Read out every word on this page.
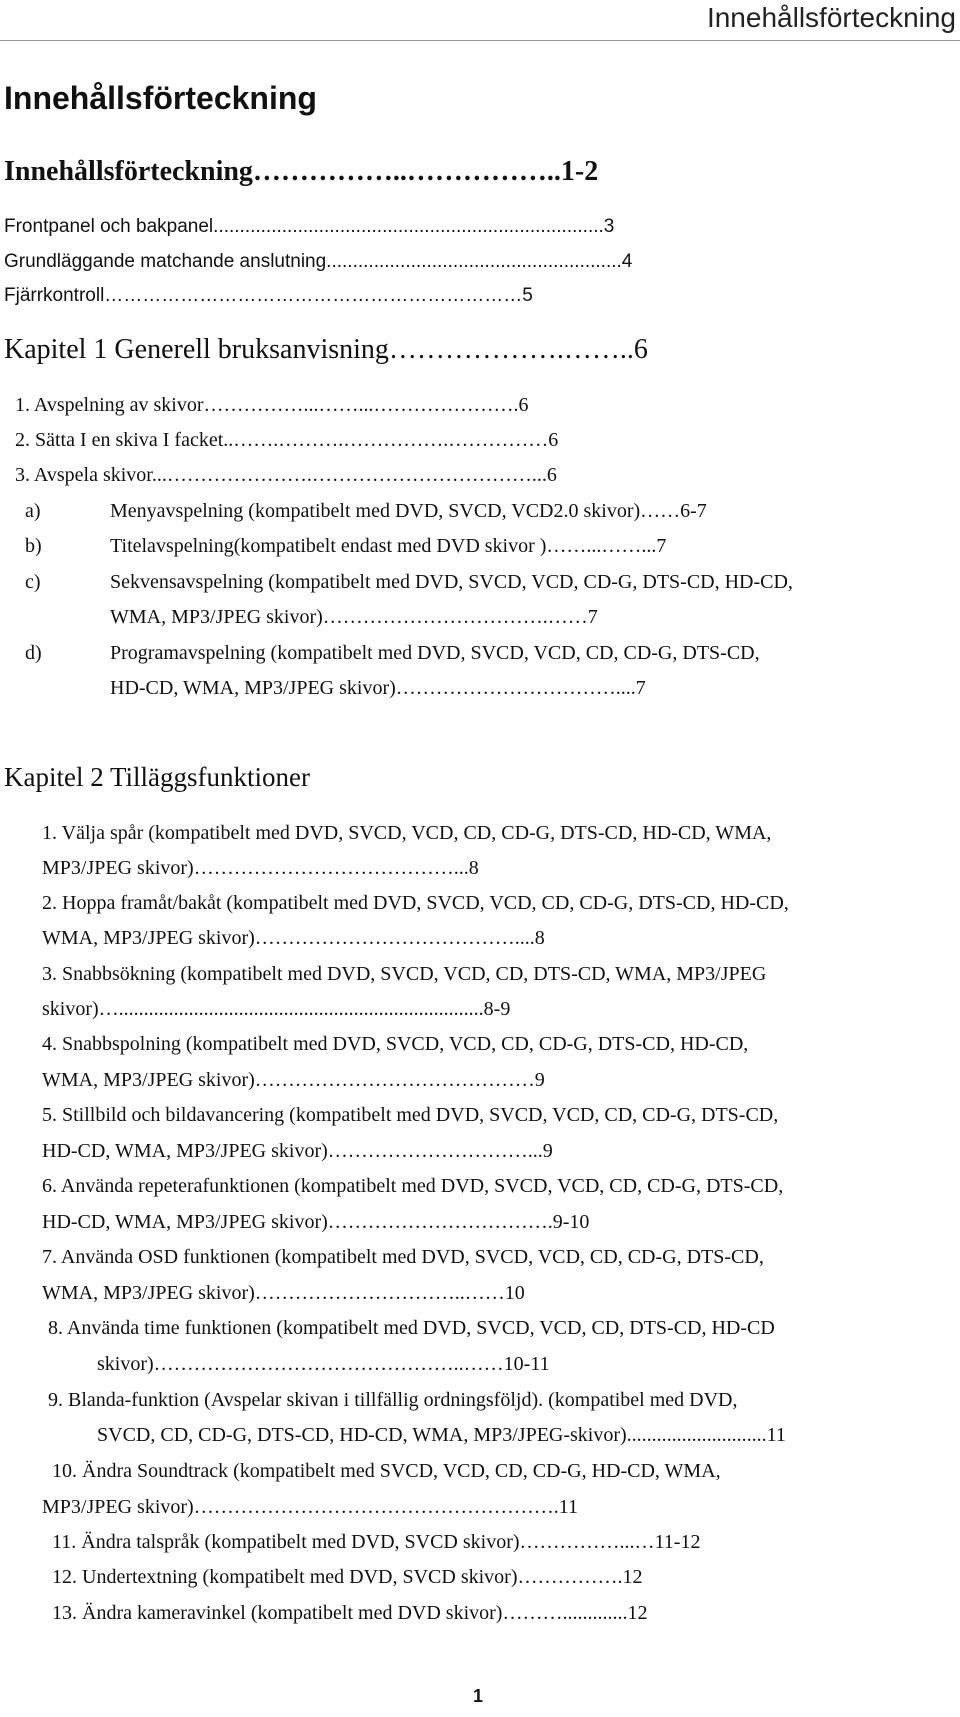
Innehållsförteckning
Innehållsförteckning
Innehållsförteckning……………..……………..1-2
Frontpanel och bakpanel..........................................................................3
Grundläggande matchande anslutning........................................................4
Fjärrkontroll…………………………………………………………5
Kapitel 1 Generell bruksanvisning……………….……..6
1. Avspelning av skivor……………...……...………………….6
2. Sätta I en skiva I facket..…….……….…………….……………6
3. Avspela skivor...………………….……………………………...6
a)	Menyavspelning (kompatibelt med DVD, SVCD, VCD2.0 skivor)……6-7
b)	Titelavspelning(kompatibelt endast med DVD skivor )……...……...7
c)	Sekvensavspelning (kompatibelt med DVD, SVCD, VCD, CD-G, DTS-CD, HD-CD,
WMA, MP3/JPEG skivor)…………………………….……7
d)	Programavspelning (kompatibelt med DVD, SVCD, VCD, CD, CD-G, DTS-CD,
HD-CD, WMA, MP3/JPEG skivor)……………………………....7
Kapitel 2 Tilläggsfunktioner
1. Välja spår (kompatibelt med DVD, SVCD, VCD, CD, CD-G, DTS-CD, HD-CD, WMA,
MP3/JPEG skivor)…………………………………...8
2. Hoppa framåt/bakåt (kompatibelt med DVD, SVCD, VCD, CD, CD-G, DTS-CD, HD-CD,
WMA, MP3/JPEG skivor)…………………………………....8
3. Snabbsökning (kompatibelt med DVD, SVCD, VCD, CD, DTS-CD, WMA, MP3/JPEG
skivor)….........................................................................8-9
4. Snabbspolning (kompatibelt med DVD, SVCD, VCD, CD, CD-G, DTS-CD, HD-CD,
WMA, MP3/JPEG skivor)……………………………………9
5. Stillbild och bildavancering (kompatibelt med DVD, SVCD, VCD, CD, CD-G, DTS-CD,
HD-CD, WMA, MP3/JPEG skivor)…………………………...9
6. Använda repeterafunktionen (kompatibelt med DVD, SVCD, VCD, CD, CD-G, DTS-CD,
HD-CD, WMA, MP3/JPEG skivor)…………………………….9-10
7. Använda OSD funktionen (kompatibelt med DVD, SVCD, VCD, CD, CD-G, DTS-CD,
WMA, MP3/JPEG skivor)…………………………..……10
8. Använda time funktionen (kompatibelt med DVD, SVCD, VCD, CD, DTS-CD, HD-CD
skivor)………………………………………..……10-11
9. Blanda-funktion (Avspelar skivan i tillfällig ordningsföljd). (kompatibel med DVD,
SVCD, CD, CD-G, DTS-CD, HD-CD, WMA, MP3/JPEG-skivor)............................11
10. Ändra Soundtrack (kompatibelt med SVCD, VCD, CD, CD-G, HD-CD, WMA,
MP3/JPEG skivor)……………………………………………….11
11. Ändra talspråk (kompatibelt med DVD, SVCD skivor)……………...…11-12
12. Undertextning (kompatibelt med DVD, SVCD skivor)…………….12
13. Ändra kameravinkel (kompatibelt med DVD skivor)……….............12
1
